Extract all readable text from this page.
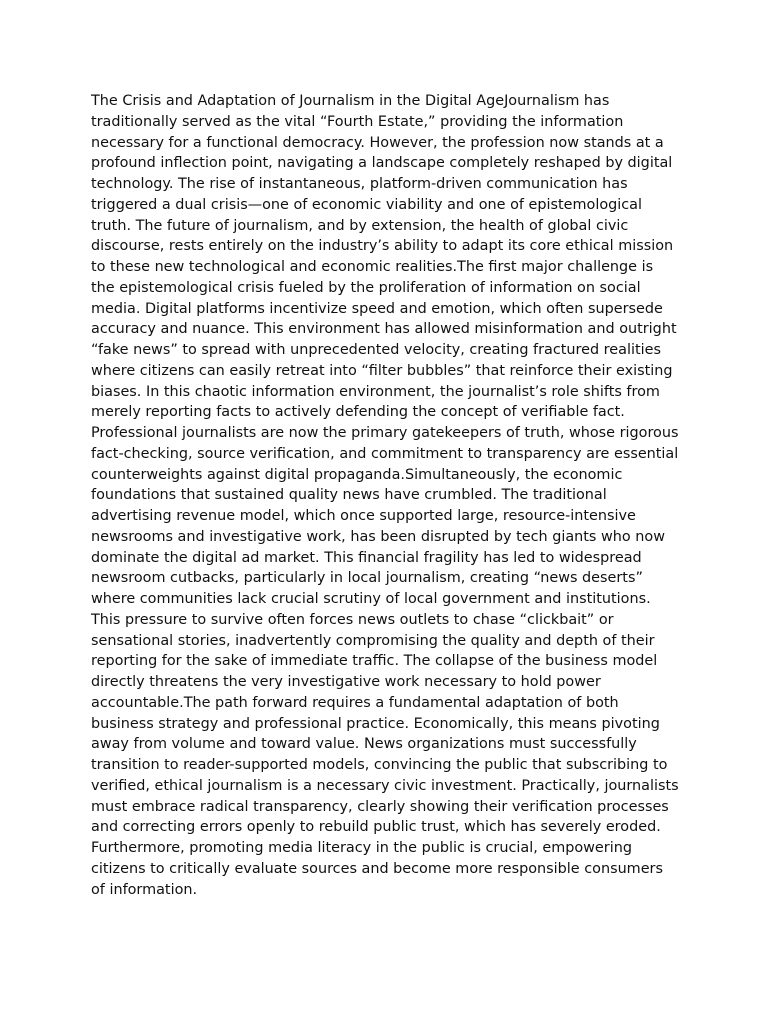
The Crisis and Adaptation of Journalism in the Digital AgeJournalism has traditionally served as the vital “Fourth Estate,” providing the information necessary for a functional democracy. However, the profession now stands at a profound inflection point, navigating a landscape completely reshaped by digital technology. The rise of instantaneous, platform-driven communication has triggered a dual crisis—one of economic viability and one of epistemological truth. The future of journalism, and by extension, the health of global civic discourse, rests entirely on the industry’s ability to adapt its core ethical mission to these new technological and economic realities.The first major challenge is the epistemological crisis fueled by the proliferation of information on social media. Digital platforms incentivize speed and emotion, which often supersede accuracy and nuance. This environment has allowed misinformation and outright “fake news” to spread with unprecedented velocity, creating fractured realities where citizens can easily retreat into “filter bubbles” that reinforce their existing biases. In this chaotic information environment, the journalist’s role shifts from merely reporting facts to actively defending the concept of verifiable fact. Professional journalists are now the primary gatekeepers of truth, whose rigorous fact-checking, source verification, and commitment to transparency are essential counterweights against digital propaganda.Simultaneously, the economic foundations that sustained quality news have crumbled. The traditional advertising revenue model, which once supported large, resource-intensive newsrooms and investigative work, has been disrupted by tech giants who now dominate the digital ad market. This financial fragility has led to widespread newsroom cutbacks, particularly in local journalism, creating “news deserts” where communities lack crucial scrutiny of local government and institutions. This pressure to survive often forces news outlets to chase “clickbait” or sensational stories, inadvertently compromising the quality and depth of their reporting for the sake of immediate traffic. The collapse of the business model directly threatens the very investigative work necessary to hold power accountable.The path forward requires a fundamental adaptation of both business strategy and professional practice. Economically, this means pivoting away from volume and toward value. News organizations must successfully transition to reader-supported models, convincing the public that subscribing to verified, ethical journalism is a necessary civic investment. Practically, journalists must embrace radical transparency, clearly showing their verification processes and correcting errors openly to rebuild public trust, which has severely eroded. Furthermore, promoting media literacy in the public is crucial, empowering citizens to critically evaluate sources and become more responsible consumers of information.
